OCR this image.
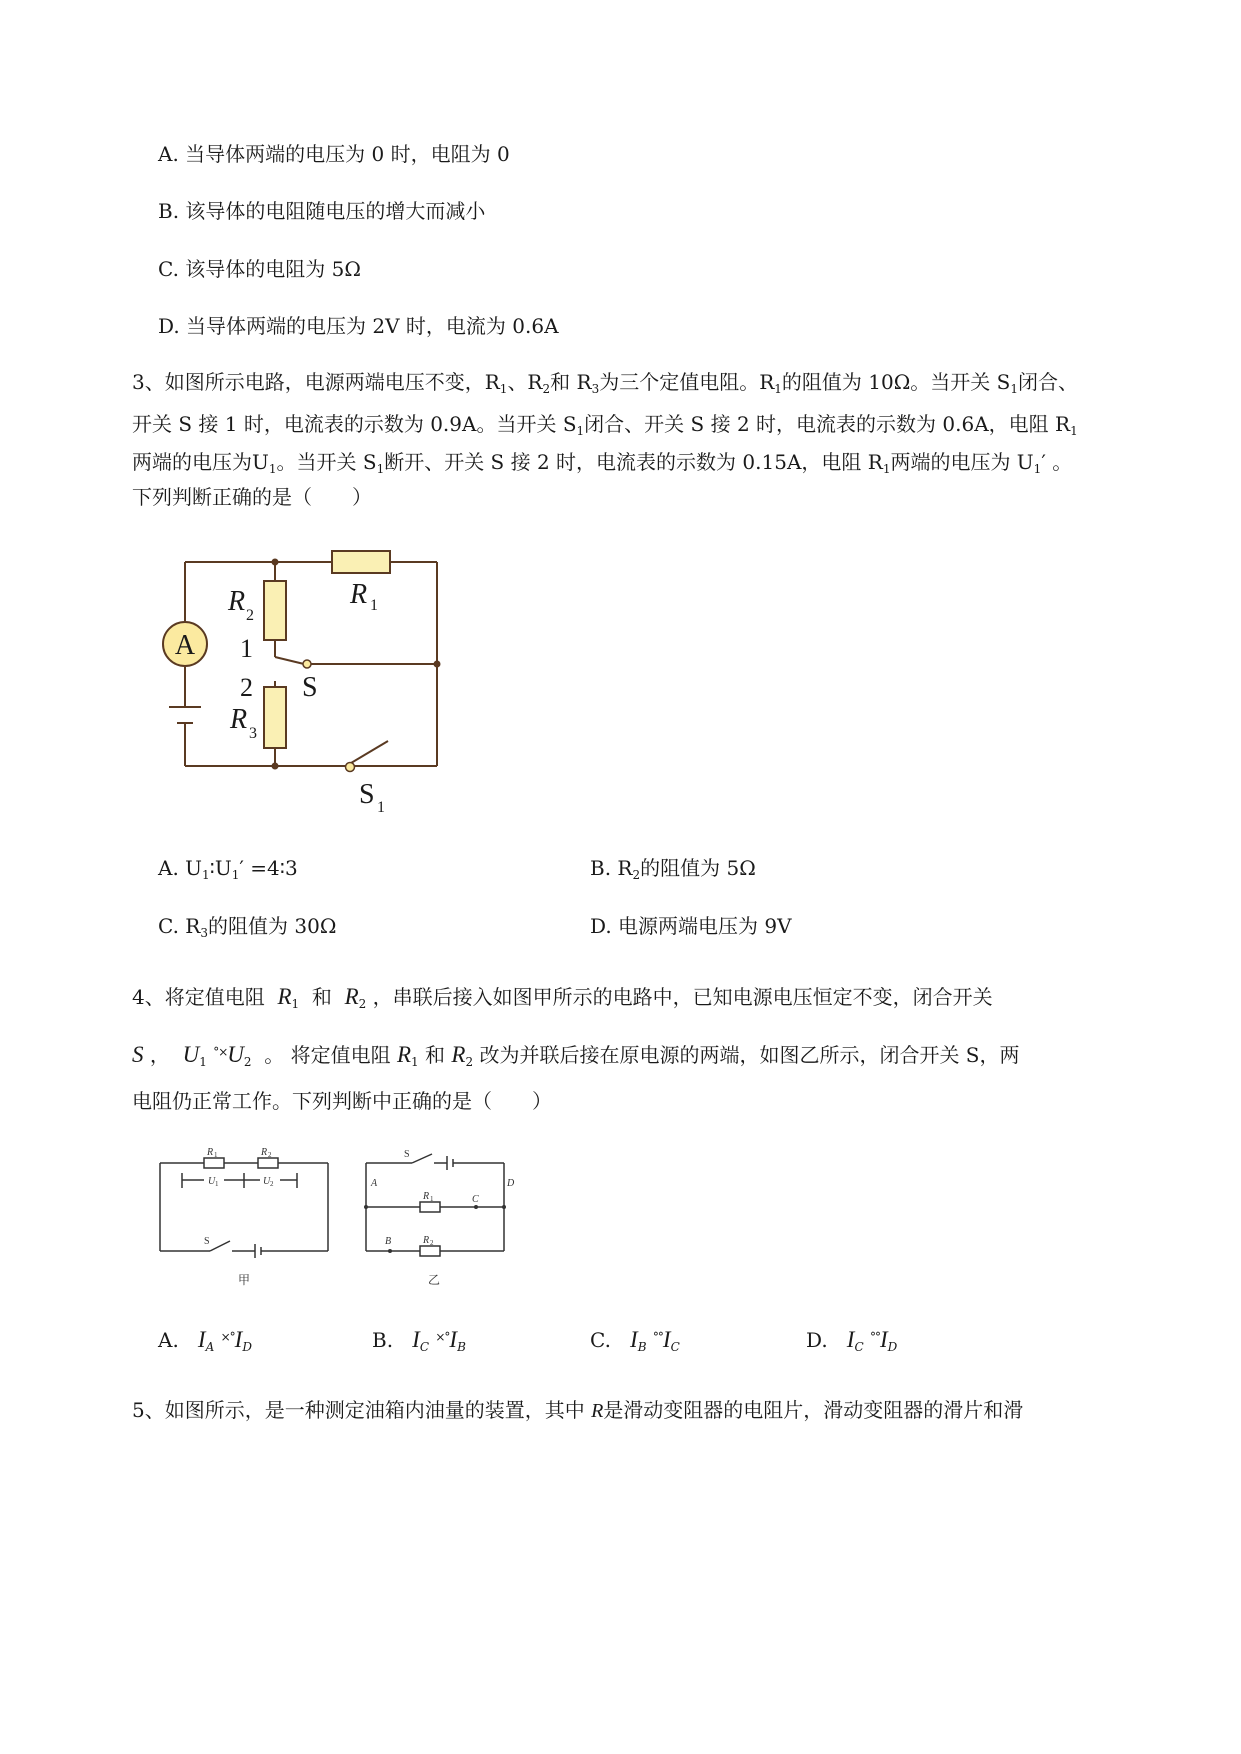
A. 当导体两端的电压为 0 时，电阻为 0
B. 该导体的电阻随电压的增大而减小
C. 该导体的电阻为 5Ω
D. 当导体两端的电压为 2V 时，电流为 0.6A
3、如图所示电路，电源两端电压不变，$R_1$、$R_2$和 $R_3$为三个定值电阻。$R_1$的阻值为 10Ω。当开关 $S_1$闭合、
开关 S 接 1 时，电流表的示数为 0.9A。当开关 $S_1$闭合、开关 S 接 2 时，电流表的示数为 0.6A，电阻 $R_1$
两端的电压为$U_1$。当开关 $S_1$断开、开关 S 接 2 时，电流表的示数为 0.15A，电阻 $R_1$两端的电压为 $U_1'$ 。
下列判断正确的是（　　）
A
R 1
R 2
R 3
1
2 S
S 1
A. $U_1∶U_1'$ =4∶3	B. $R_2$的阻值为 5Ω
C. $R_3$的阻值为 30Ω	D. 电源两端电压为 9V
4、将定值电阻 $R_1$ 和 $R_2$ ，串联后接入如图甲所示的电路中，已知电源电压恒定不变，闭合开关
S ， $U_1$ $^{^\circ\times}U_2$ 。 将定值电阻 $R_1$ 和 $R_2$ 改为并联后接在原电源的两端，如图乙所示，闭合开关 S，两
电阻仍正常工作。下列判断中正确的是（　　）
R 1	R 2
U 1	U 2
S
甲
S
A	D
C
B
R 1
R 2
乙
A. $I_A$ $^{\times^\circ}I_D$	B. $I_C$ $^{\times^\circ}I_B$	C. $I_B$ $^{^\circ^\circ}I_C$	D. $I_C$ $^{^\circ^\circ}I_D$
5、如图所示，是一种测定油箱内油量的装置，其中 R是滑动变阻器的电阻片，滑动变阻器的滑片和滑
